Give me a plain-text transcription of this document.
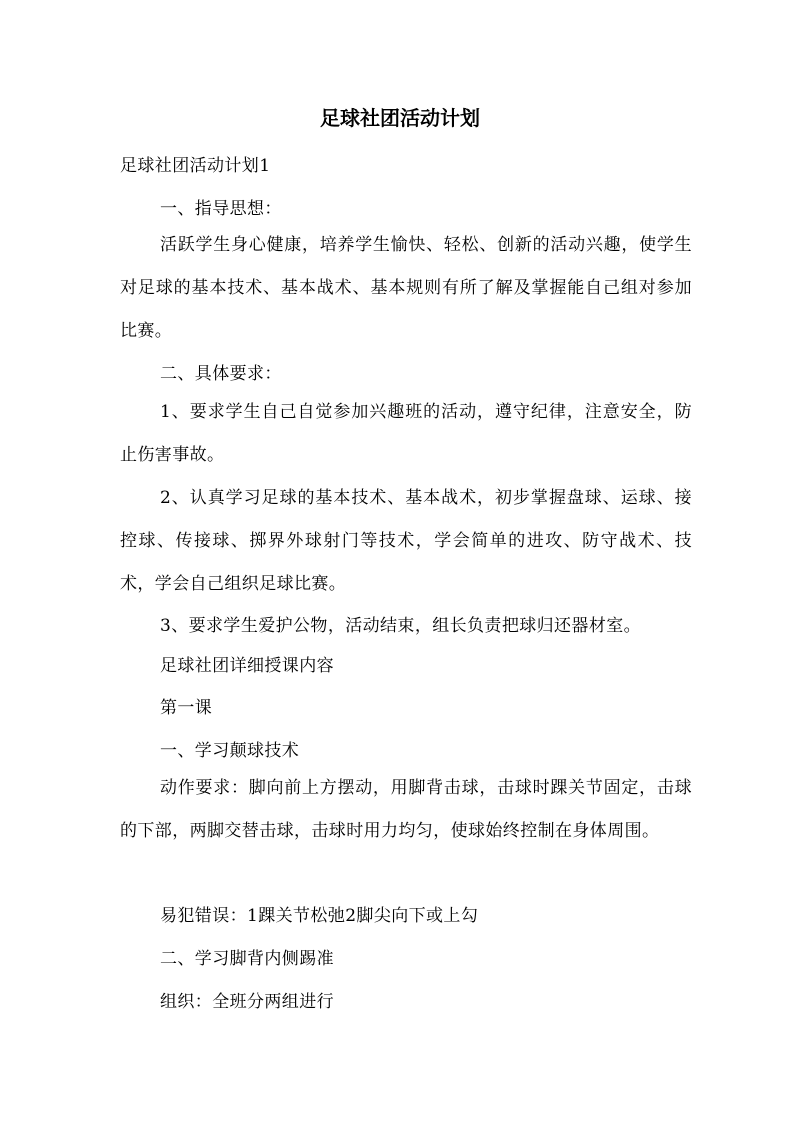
足球社团活动计划
足球社团活动计划1
一、指导思想：
活跃学生身心健康，培养学生愉快、轻松、创新的活动兴趣，使学生对足球的基本技术、基本战术、基本规则有所了解及掌握能自己组对参加比赛。
二、具体要求：
1、要求学生自己自觉参加兴趣班的活动，遵守纪律，注意安全，防止伤害事故。
2、认真学习足球的基本技术、基本战术，初步掌握盘球、运球、接控球、传接球、掷界外球射门等技术，学会简单的进攻、防守战术、技术，学会自己组织足球比赛。
3、要求学生爱护公物，活动结束，组长负责把球归还器材室。
足球社团详细授课内容
第一课
一、学习颠球技术
动作要求：脚向前上方摆动，用脚背击球，击球时踝关节固定，击球的下部，两脚交替击球，击球时用力均匀，使球始终控制在身体周围。
易犯错误：1踝关节松弛2脚尖向下或上勾
二、学习脚背内侧踢准
组织：全班分两组进行
